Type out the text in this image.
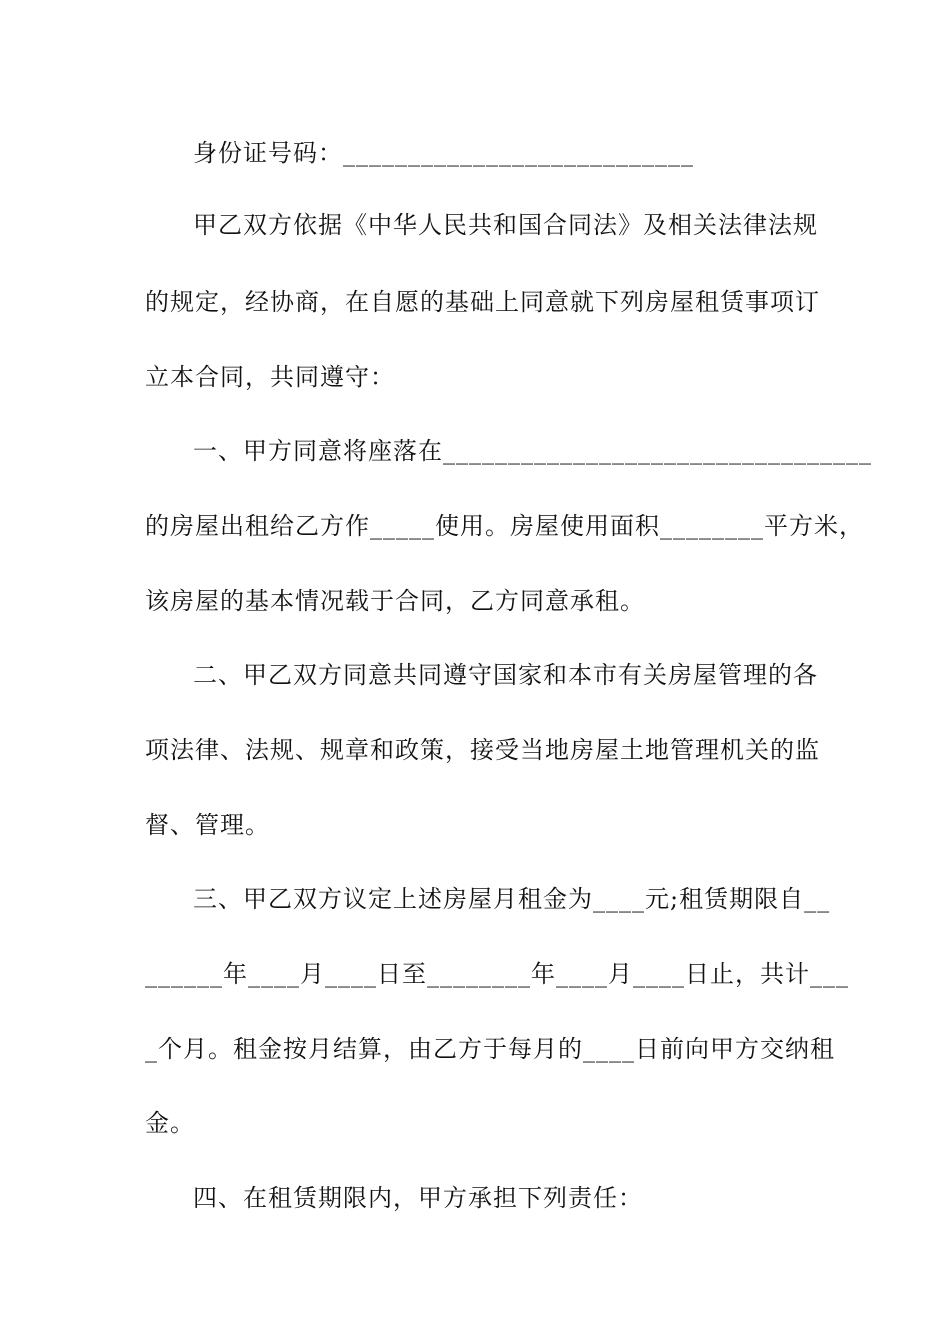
身份证号码：___________________________
甲乙双方依据《中华人民共和国合同法》及相关法律法规
的规定，经协商，在自愿的基础上同意就下列房屋租赁事项订
立本合同，共同遵守：
一、甲方同意将座落在_________________________________
的房屋出租给乙方作_____使用。房屋使用面积________平方米，
该房屋的基本情况载于合同，乙方同意承租。
二、甲乙双方同意共同遵守国家和本市有关房屋管理的各
项法律、法规、规章和政策，接受当地房屋土地管理机关的监
督、管理。
三、甲乙双方议定上述房屋月租金为____元;租赁期限自__
______年____月____日至________年____月____日止，共计___
_个月。租金按月结算，由乙方于每月的____日前向甲方交纳租
金。
四、在租赁期限内，甲方承担下列责任：
